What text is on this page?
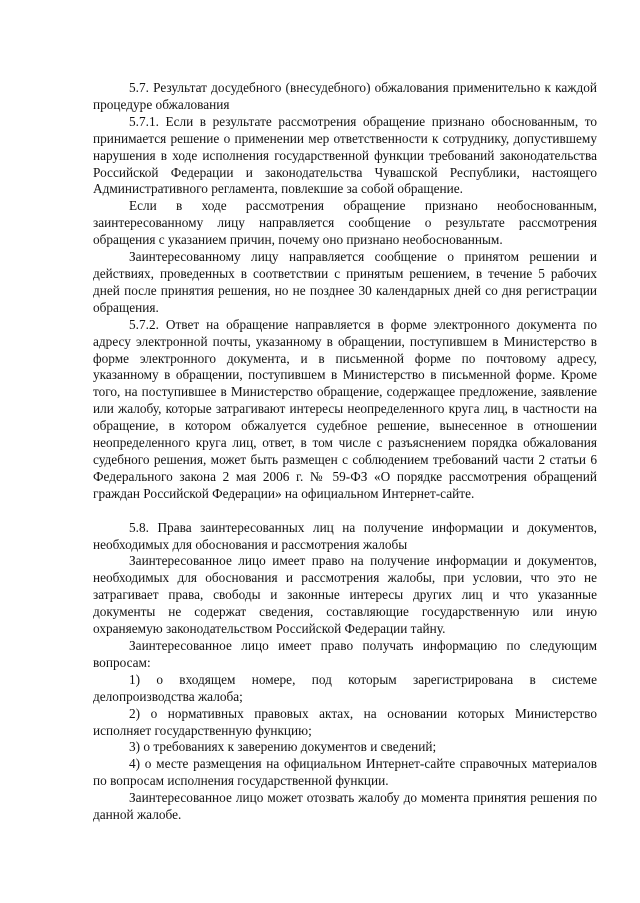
5.7. Результат досудебного (внесудебного) обжалования применительно к каждой процедуре обжалования

5.7.1. Если в результате рассмотрения обращение признано обоснованным, то принимается решение о применении мер ответственности к сотруднику, допустившему нарушения в ходе исполнения государственной функции требований законодательства Российской Федерации и законодательства Чувашской Республики, настоящего Административного регламента, повлекшие за собой обращение.

Если в ходе рассмотрения обращение признано необоснованным, заинтересованному лицу направляется сообщение о результате рассмотрения обращения с указанием причин, почему оно признано необоснованным.

Заинтересованному лицу направляется сообщение о принятом решении и действиях, проведенных в соответствии с принятым решением, в течение 5 рабочих дней после принятия решения, но не позднее 30 календарных дней со дня регистрации обращения.

5.7.2. Ответ на обращение направляется в форме электронного документа по адресу электронной почты, указанному в обращении, поступившем в Министерство в форме электронного документа, и в письменной форме по почтовому адресу, указанному в обращении, поступившем в Министерство в письменной форме. Кроме того, на поступившее в Министерство обращение, содержащее предложение, заявление или жалобу, которые затрагивают интересы неопределенного круга лиц, в частности на обращение, в котором обжалуется судебное решение, вынесенное в отношении неопределенного круга лиц, ответ, в том числе с разъяснением порядка обжалования судебного решения, может быть размещен с соблюдением требований части 2 статьи 6 Федерального закона 2 мая 2006 г. № 59-ФЗ «О порядке рассмотрения обращений граждан Российской Федерации» на официальном Интернет-сайте.

5.8. Права заинтересованных лиц на получение информации и документов, необходимых для обоснования и рассмотрения жалобы

Заинтересованное лицо имеет право на получение информации и документов, необходимых для обоснования и рассмотрения жалобы, при условии, что это не затрагивает права, свободы и законные интересы других лиц и что указанные документы не содержат сведения, составляющие государственную или иную охраняемую законодательством Российской Федерации тайну.

Заинтересованное лицо имеет право получать информацию по следующим вопросам:

1) о входящем номере, под которым зарегистрирована в системе делопроизводства жалоба;

2) о нормативных правовых актах, на основании которых Министерство исполняет государственную функцию;

3) о требованиях к заверению документов и сведений;

4) о месте размещения на официальном Интернет-сайте справочных материалов по вопросам исполнения государственной функции.

Заинтересованное лицо может отозвать жалобу до момента принятия решения по данной жалобе.
